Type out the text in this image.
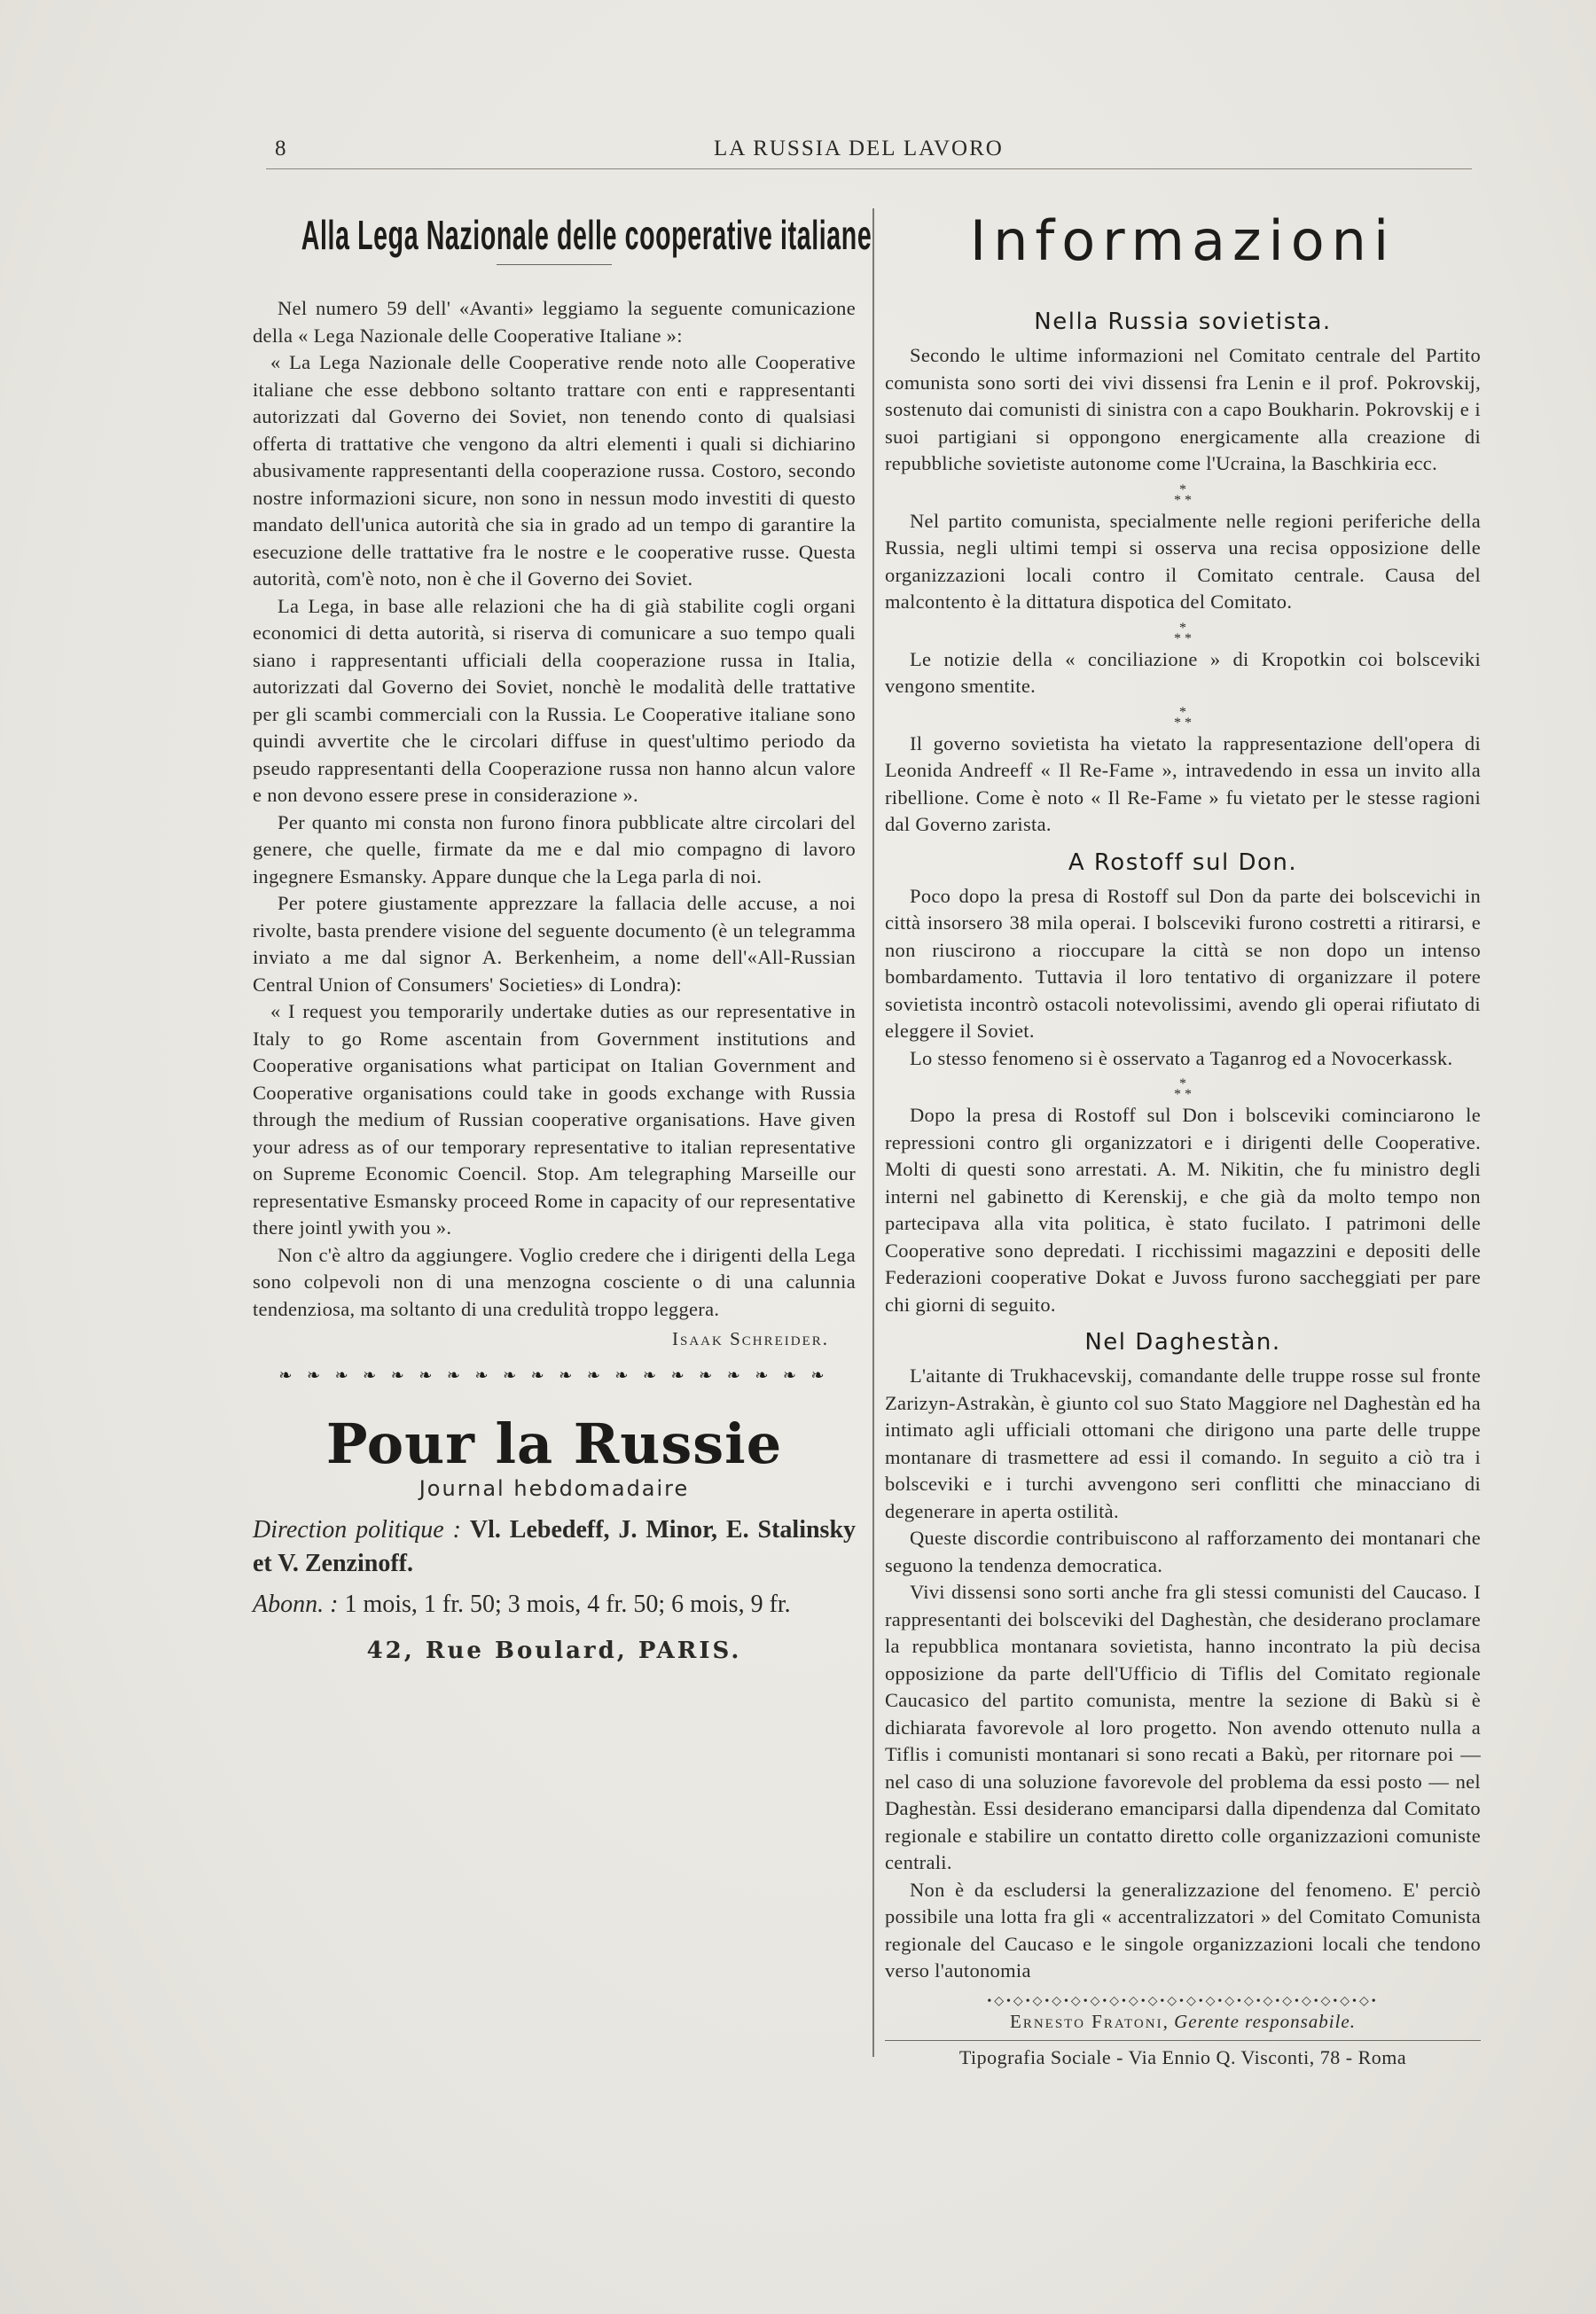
8	LA RUSSIA DEL LAVORO
Alla Lega Nazionale delle cooperative italiane

Nel numero 59 dell' «Avanti» leggiamo la seguente comunicazione della « Lega Nazionale delle Cooperative Italiane »:

« La Lega Nazionale delle Cooperative rende noto alle Cooperative italiane che esse debbono soltanto trattare con enti e rappresentanti autorizzati dal Governo dei Soviet, non tenendo conto di qualsiasi offerta di trattative che vengono da altri elementi i quali si dichiarino abusivamente rappresentanti della cooperazione russa. Costoro, secondo nostre informazioni sicure, non sono in nessun modo investiti di questo mandato dell'unica autorità che sia in grado ad un tempo di garantire la esecuzione delle trattative fra le nostre e le cooperative russe. Questa autorità, com'è noto, non è che il Governo dei Soviet.

La Lega, in base alle relazioni che ha di già stabilite cogli organi economici di detta autorità, si riserva di comunicare a suo tempo quali siano i rappresentanti ufficiali della cooperazione russa in Italia, autorizzati dal Governo dei Soviet, nonchè le modalità delle trattative per gli scambi commerciali con la Russia. Le Cooperative italiane sono quindi avvertite che le circolari diffuse in quest'ultimo periodo da pseudo rappresentanti della Cooperazione russa non hanno alcun valore e non devono essere prese in considerazione ».

Per quanto mi consta non furono finora pubblicate altre circolari del genere, che quelle, firmate da me e dal mio compagno di lavoro ingegnere Esmansky. Appare dunque che la Lega parla di noi.

Per potere giustamente apprezzare la fallacia delle accuse, a noi rivolte, basta prendere visione del seguente documento (è un telegramma inviato a me dal signor A. Berkenheim, a nome dell'«All-Russian Central Union of Consumers' Societies» di Londra):

« I request you temporarily undertake duties as our representative in Italy to go Rome ascentain from Government institutions and Cooperative organisations what participat on Italian Government and Cooperative organisations could take in goods exchange with Russia through the medium of Russian cooperative organisations. Have given your adress as of our temporary representative to italian representative on Supreme Economic Coencil. Stop. Am telegraphing Marseille our representative Esmansky proceed Rome in capacity of our representative there jointl ywith you ».

Non c'è altro da aggiungere. Voglio credere che i dirigenti della Lega sono colpevoli non di una menzogna cosciente o di una calunnia tendenziosa, ma soltanto di una credulità troppo leggera.

Isaak Schreider.
❧ ❧ ❧ ❧ ❧ ❧ ❧ ❧ ❧ ❧ ❧ ❧ ❧ ❧ ❧ ❧ ❧ ❧ ❧ ❧
Pour la Russie
Journal hebdomadaire
Direction politique : Vl. Lebedeff, J. Minor, E. Stalinsky et V. Zenzinoff.
Abonn. : 1 mois, 1 fr. 50; 3 mois, 4 fr. 50; 6 mois, 9 fr.
42, Rue Boulard, PARIS.
Informazioni
Nella Russia sovietista.

Secondo le ultime informazioni nel Comitato centrale del Partito comunista sono sorti dei vivi dissensi fra Lenin e il prof. Pokrovskij, sostenuto dai comunisti di sinistra con a capo Boukharin. Pokrovskij e i suoi partigiani si oppongono energicamente alla creazione di repubbliche sovietiste autonome come l'Ucraina, la Baschkiria ecc.

*
* *

Nel partito comunista, specialmente nelle regioni periferiche della Russia, negli ultimi tempi si osserva una recisa opposizione delle organizzazioni locali contro il Comitato centrale. Causa del malcontento è la dittatura dispotica del Comitato.

*
* *

Le notizie della « conciliazione » di Kropotkin coi bolsceviki vengono smentite.

*
* *

Il governo sovietista ha vietato la rappresentazione dell'opera di Leonida Andreeff « Il Re-Fame », intravedendo in essa un invito alla ribellione. Come è noto « Il Re-Fame » fu vietato per le stesse ragioni dal Governo zarista.

A Rostoff sul Don.

Poco dopo la presa di Rostoff sul Don da parte dei bolscevichi in città insorsero 38 mila operai. I bolsceviki furono costretti a ritirarsi, e non riuscirono a rioccupare la città se non dopo un intenso bombardamento. Tuttavia il loro tentativo di organizzare il potere sovietista incontrò ostacoli notevolissimi, avendo gli operai rifiutato di eleggere il Soviet.

Lo stesso fenomeno si è osservato a Taganrog ed a Novocerkassk.

*
* *

Dopo la presa di Rostoff sul Don i bolsceviki cominciarono le repressioni contro gli organizzatori e i dirigenti delle Cooperative. Molti di questi sono arrestati. A. M. Nikitin, che fu ministro degli interni nel gabinetto di Kerenskij, e che già da molto tempo non partecipava alla vita politica, è stato fucilato. I patrimoni delle Cooperative sono depredati. I ricchissimi magazzini e depositi delle Federazioni cooperative Dokat e Juvoss furono saccheggiati per pare chi giorni di seguito.

Nel Daghestàn.

L'aitante di Trukhacevskij, comandante delle truppe rosse sul fronte Zarizyn-Astrakàn, è giunto col suo Stato Maggiore nel Daghestàn ed ha intimato agli ufficiali ottomani che dirigono una parte delle truppe montanare di trasmettere ad essi il comando. In seguito a ciò tra i bolsceviki e i turchi avvengono seri conflitti che minacciano di degenerare in aperta ostilità.

Queste discordie contribuiscono al rafforzamento dei montanari che seguono la tendenza democratica.

Vivi dissensi sono sorti anche fra gli stessi comunisti del Caucaso. I rappresentanti dei bolsceviki del Daghestàn, che desiderano proclamare la repubblica montanara sovietista, hanno incontrato la più decisa opposizione da parte dell'Ufficio di Tiflis del Comitato regionale Caucasico del partito comunista, mentre la sezione di Bakù si è dichiarata favorevole al loro progetto. Non avendo ottenuto nulla a Tiflis i comunisti montanari si sono recati a Bakù, per ritornare poi — nel caso di una soluzione favorevole del problema da essi posto — nel Daghestàn. Essi desiderano emanciparsi dalla dipendenza dal Comitato regionale e stabilire un contatto diretto colle organizzazioni comuniste centrali.

Non è da escludersi la generalizzazione del fenomeno. E' perciò possibile una lotta fra gli « accentralizzatori » del Comitato Comunista regionale del Caucaso e le singole organizzazioni locali che tendono verso l'autonomia

•◇•◇•◇•◇•◇•◇•◇•◇•◇•◇•◇•◇•◇•◇•◇•◇•◇•◇•◇•◇•
Ernesto Fratoni, Gerente responsabile.
Tipografia Sociale - Via Ennio Q. Visconti, 78 - Roma
